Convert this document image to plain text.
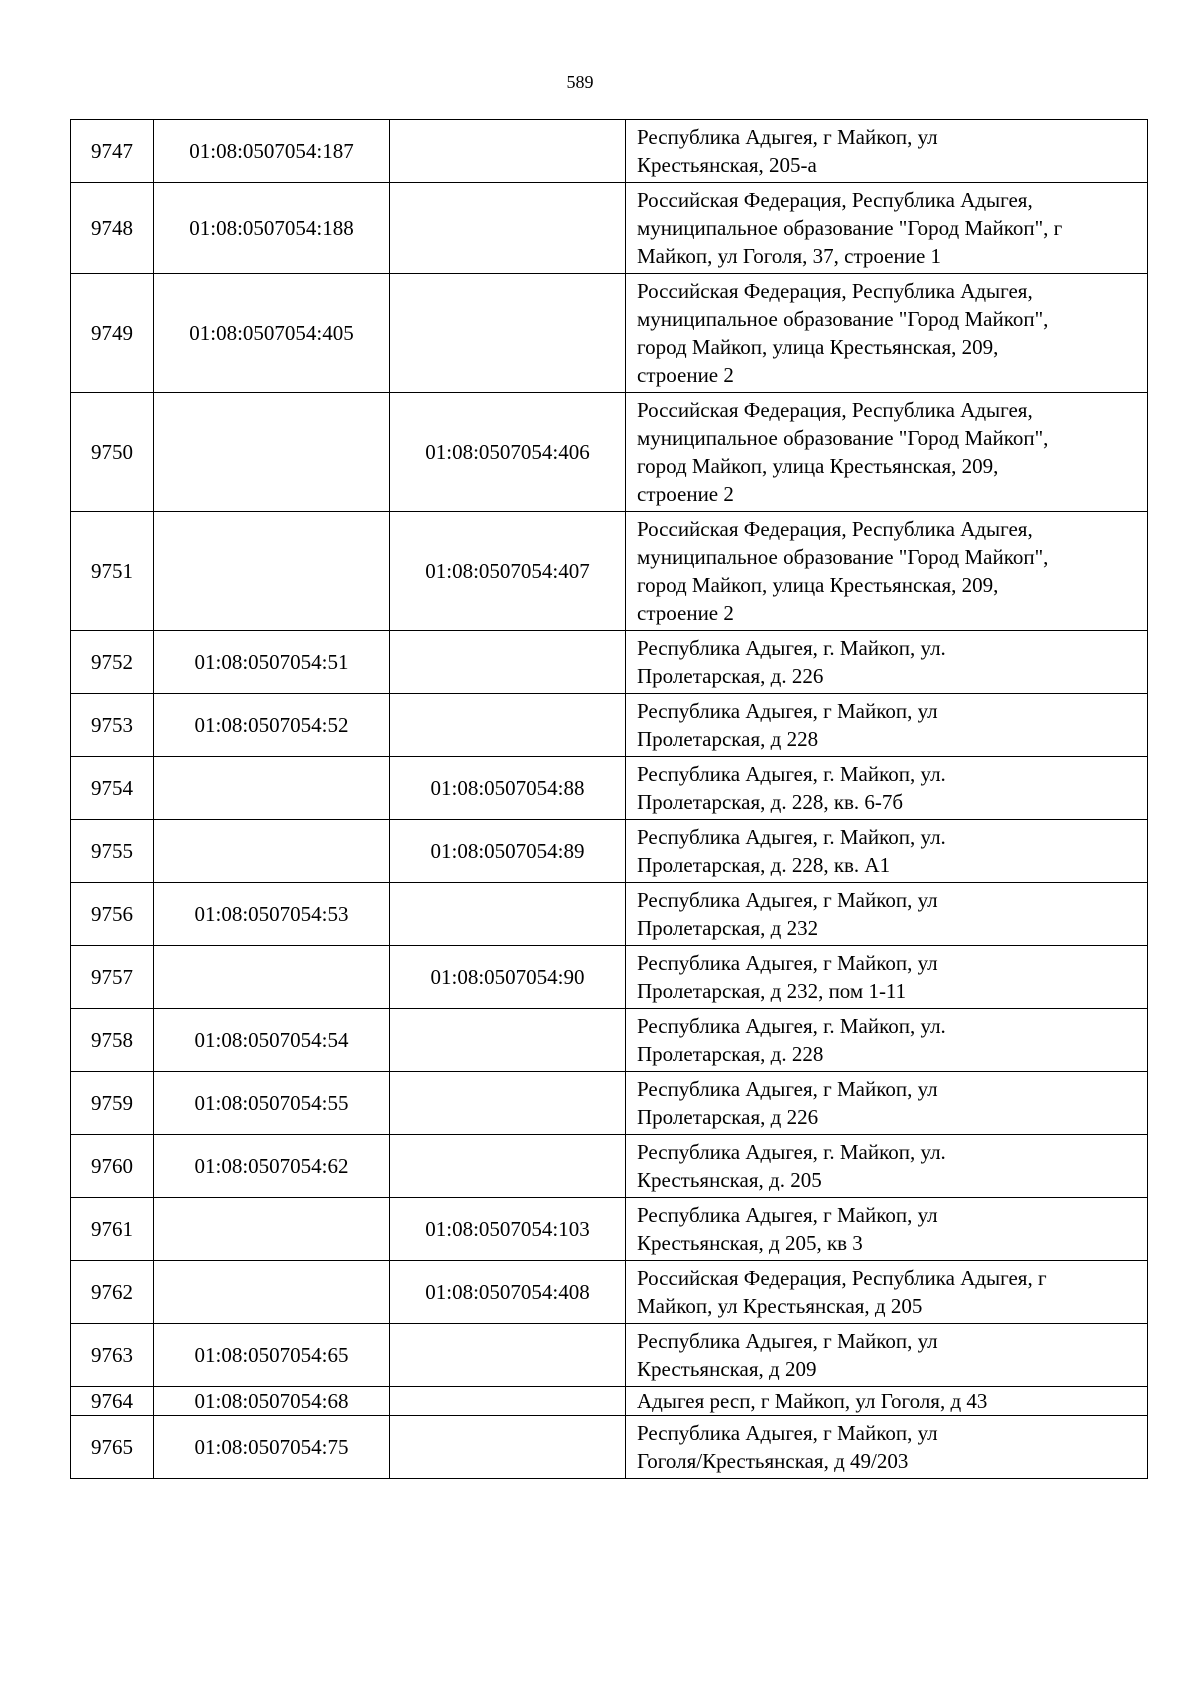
589
9747	01:08:0507054:187		Республика Адыгея, г Майкоп, ул
Крестьянская, 205-а

9748	01:08:0507054:188		Российская Федерация, Республика Адыгея,
муниципальное образование "Город Майкоп", г
Майкоп, ул Гоголя, 37, строение 1

9749	01:08:0507054:405		Российская Федерация, Республика Адыгея,
муниципальное образование "Город Майкоп",
город Майкоп, улица Крестьянская, 209,
строение 2

9750		01:08:0507054:406	Российская Федерация, Республика Адыгея,
муниципальное образование "Город Майкоп",
город Майкоп, улица Крестьянская, 209,
строение 2

9751		01:08:0507054:407	Российская Федерация, Республика Адыгея,
муниципальное образование "Город Майкоп",
город Майкоп, улица Крестьянская, 209,
строение 2

9752	01:08:0507054:51		Республика Адыгея, г. Майкоп, ул.
Пролетарская, д. 226

9753	01:08:0507054:52		Республика Адыгея, г Майкоп, ул
Пролетарская, д 228

9754		01:08:0507054:88	Республика Адыгея, г. Майкоп, ул.
Пролетарская, д. 228, кв. 6-7б

9755		01:08:0507054:89	Республика Адыгея, г. Майкоп, ул.
Пролетарская, д. 228, кв. А1

9756	01:08:0507054:53		Республика Адыгея, г Майкоп, ул
Пролетарская, д 232

9757		01:08:0507054:90	Республика Адыгея, г Майкоп, ул
Пролетарская, д 232, пом 1-11

9758	01:08:0507054:54		Республика Адыгея, г. Майкоп, ул.
Пролетарская, д. 228

9759	01:08:0507054:55		Республика Адыгея, г Майкоп, ул
Пролетарская, д 226

9760	01:08:0507054:62		Республика Адыгея, г. Майкоп, ул.
Крестьянская, д. 205

9761		01:08:0507054:103	Республика Адыгея, г Майкоп, ул
Крестьянская, д 205, кв 3

9762		01:08:0507054:408	Российская Федерация, Республика Адыгея, г
Майкоп, ул Крестьянская, д 205

9763	01:08:0507054:65		Республика Адыгея, г Майкоп, ул
Крестьянская, д 209

9764	01:08:0507054:68		Адыгея респ, г Майкоп, ул Гоголя, д 43

9765	01:08:0507054:75		Республика Адыгея, г Майкоп, ул
Гоголя/Крестьянская, д 49/203
